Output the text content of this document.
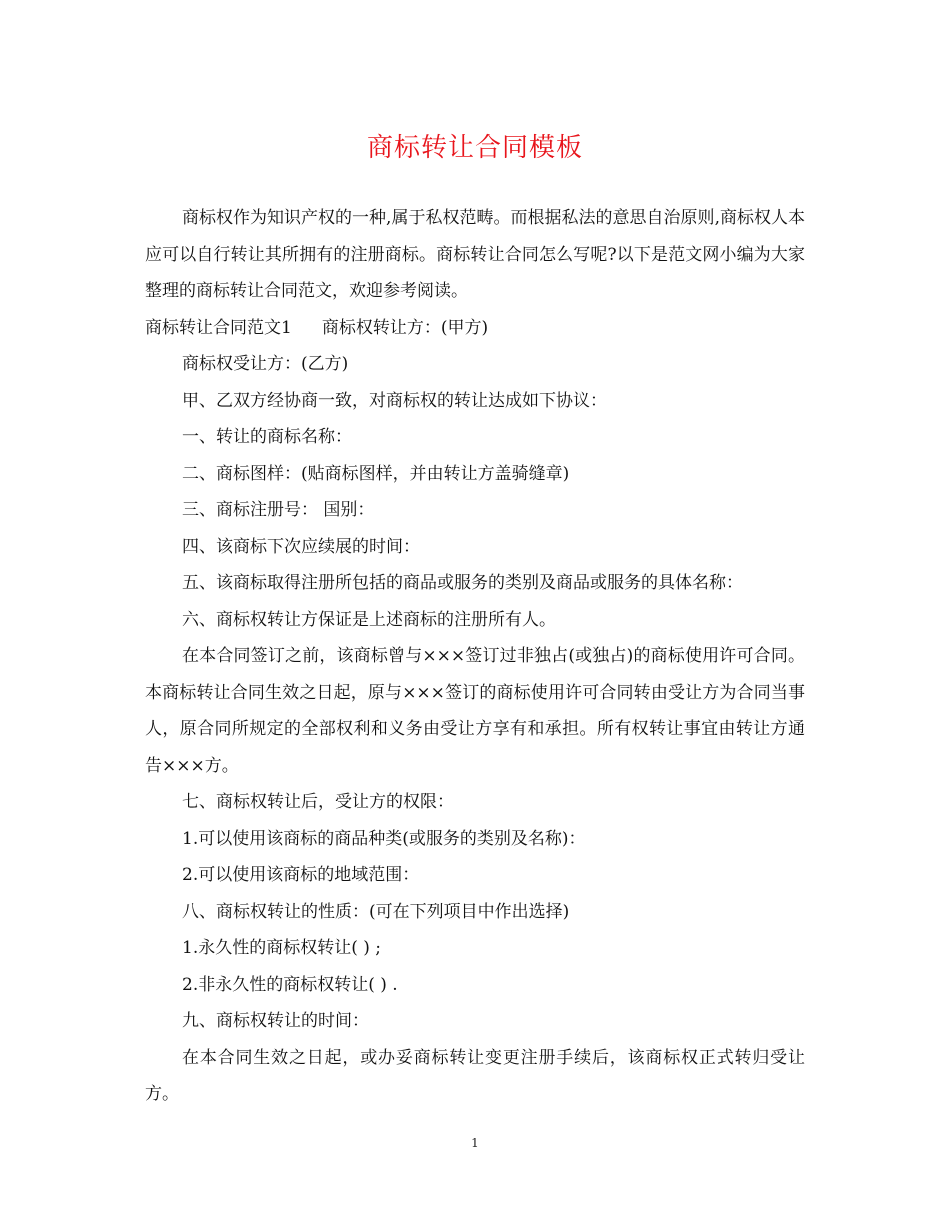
商标转让合同模板

商标权作为知识产权的一种,属于私权范畴。而根据私法的意思自治原则,商标权人本应可以自行转让其所拥有的注册商标。商标转让合同怎么写呢?以下是范文网小编为大家整理的商标转让合同范文，欢迎参考阅读。

商标转让合同范文1 商标权转让方：(甲方)

商标权受让方：(乙方)

甲、乙双方经协商一致，对商标权的转让达成如下协议：

一、转让的商标名称：

二、商标图样：(贴商标图样，并由转让方盖骑缝章)

三、商标注册号： 国别：

四、该商标下次应续展的时间：

五、该商标取得注册所包括的商品或服务的类别及商品或服务的具体名称：

六、商标权转让方保证是上述商标的注册所有人。

在本合同签订之前，该商标曾与×××签订过非独占(或独占)的商标使用许可合同。本商标转让合同生效之日起，原与×××签订的商标使用许可合同转由受让方为合同当事人，原合同所规定的全部权利和义务由受让方享有和承担。所有权转让事宜由转让方通告×××方。

七、商标权转让后，受让方的权限：

1.可以使用该商标的商品种类(或服务的类别及名称)：

2.可以使用该商标的地域范围：

八、商标权转让的性质：(可在下列项目中作出选择)

1.永久性的商标权转让( ) ;

2.非永久性的商标权转让( ) .

九、商标权转让的时间：

在本合同生效之日起，或办妥商标转让变更注册手续后，该商标权正式转归受让方。

1
